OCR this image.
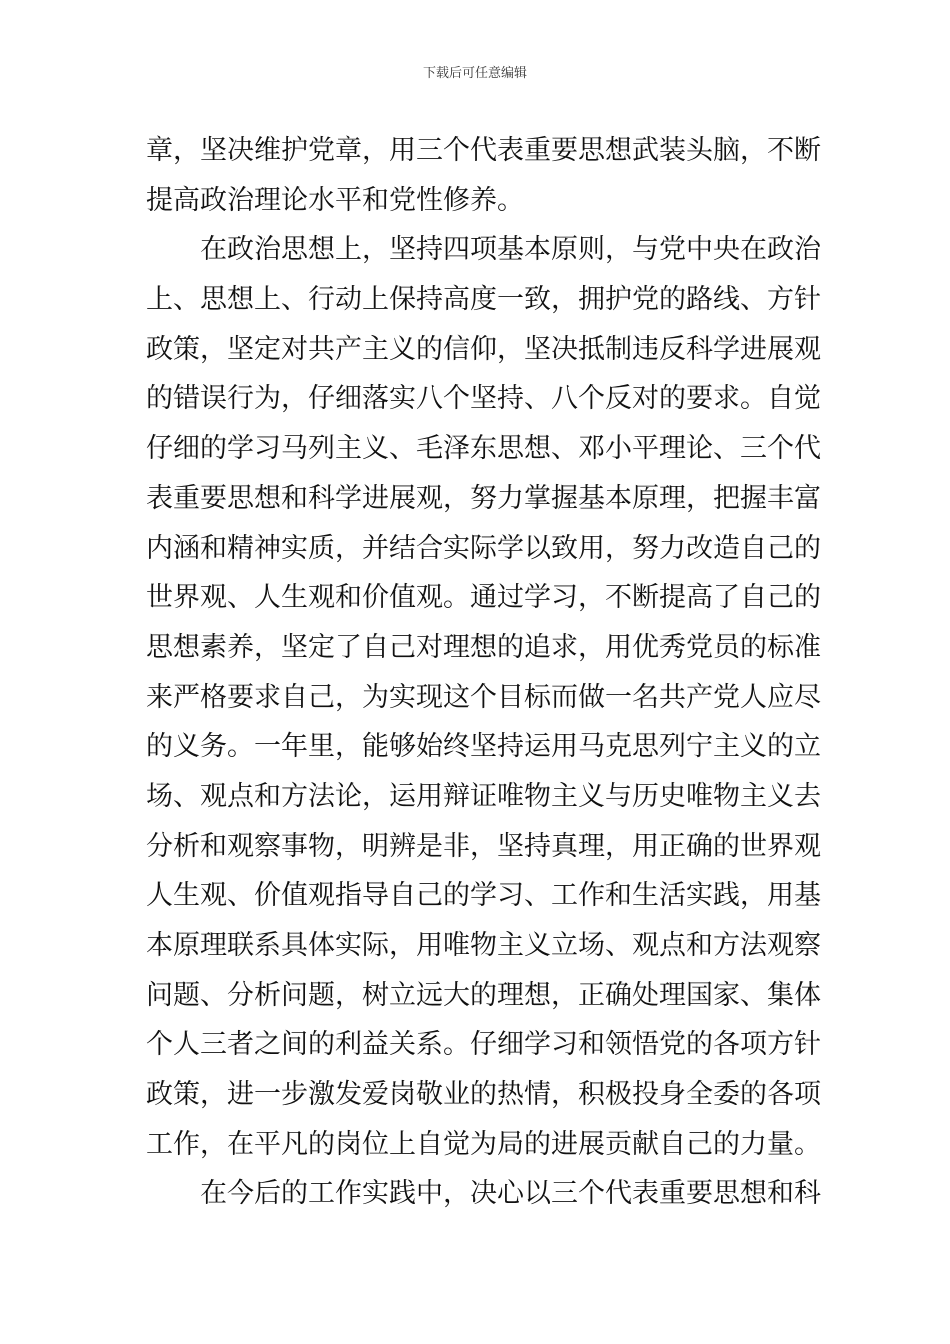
下载后可任意编辑
章，坚决维护党章，用三个代表重要思想武装头脑，不断
提高政治理论水平和党性修养。
在政治思想上，坚持四项基本原则，与党中央在政治
上、思想上、行动上保持高度一致，拥护党的路线、方针
政策，坚定对共产主义的信仰，坚决抵制违反科学进展观
的错误行为，仔细落实八个坚持、八个反对的要求。自觉
仔细的学习马列主义、毛泽东思想、邓小平理论、三个代
表重要思想和科学进展观，努力掌握基本原理，把握丰富
内涵和精神实质，并结合实际学以致用，努力改造自己的
世界观、人生观和价值观。通过学习，不断提高了自己的
思想素养，坚定了自己对理想的追求，用优秀党员的标准
来严格要求自己，为实现这个目标而做一名共产党人应尽
的义务。一年里，能够始终坚持运用马克思列宁主义的立
场、观点和方法论，运用辩证唯物主义与历史唯物主义去
分析和观察事物，明辨是非，坚持真理，用正确的世界观
人生观、价值观指导自己的学习、工作和生活实践，用基
本原理联系具体实际，用唯物主义立场、观点和方法观察
问题、分析问题，树立远大的理想，正确处理国家、集体
个人三者之间的利益关系。仔细学习和领悟党的各项方针
政策，进一步激发爱岗敬业的热情，积极投身全委的各项
工作，在平凡的岗位上自觉为局的进展贡献自己的力量。
在今后的工作实践中，决心以三个代表重要思想和科
